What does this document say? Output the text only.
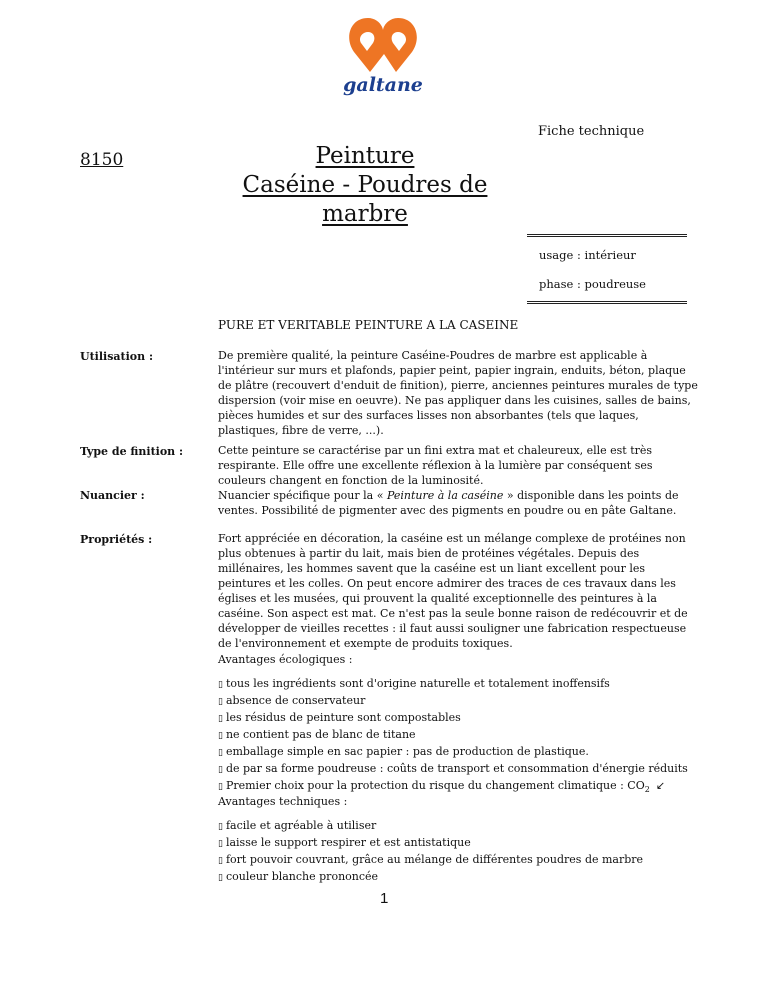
galtane
Fiche technique
8150	Peinture
Caséine - Poudres de marbre
usage : intérieur
phase : poudreuse
PURE ET VERITABLE PEINTURE A LA CASEINE
Utilisation :	De première qualité, la peinture Caséine-Poudres de marbre est applicable à l'intérieur sur murs et plafonds, papier peint, papier ingrain, enduits, béton, plaque de plâtre (recouvert d'enduit de finition), pierre, anciennes peintures murales de type dispersion (voir mise en oeuvre). Ne pas appliquer dans les cuisines, salles de bains, pièces humides et sur des surfaces lisses non absorbantes (tels que laques, plastiques, fibre de verre, ...).
Type de finition :	Cette peinture se caractérise par un fini extra mat et chaleureux, elle est très respirante. Elle offre une excellente réflexion à la lumière par conséquent ses couleurs changent en fonction de la luminosité.
Nuancier :	Nuancier spécifique pour la « Peinture à la caséine » disponible dans les points de ventes. Possibilité de pigmenter avec des pigments en poudre ou en pâte Galtane.
Propriétés :	Fort appréciée en décoration, la caséine est un mélange complexe de protéines non plus obtenues à partir du lait, mais bien de protéines végétales. Depuis des millénaires, les hommes savent que la caséine est un liant excellent pour les peintures et les colles. On peut encore admirer des traces de ces travaux dans les églises et les musées, qui prouvent la qualité exceptionnelle des peintures à la caséine. Son aspect est mat. Ce n'est pas la seule bonne raison de redécouvrir et de développer de vieilles recettes : il faut aussi souligner une fabrication respectueuse de l'environnement et exempte de produits toxiques.
Avantages écologiques :
▯ tous les ingrédients sont d'origine naturelle et totalement inoffensifs
▯ absence de conservateur
▯ les résidus de peinture sont compostables
▯ ne contient pas de blanc de titane
▯ emballage simple en sac papier : pas de production de plastique.
▯ de par sa forme poudreuse : coûts de transport et consommation d'énergie réduits
▯ Premier choix pour la protection du risque du changement climatique : $CO_2$ ↙
Avantages techniques :
▯ facile et agréable à utiliser
▯ laisse le support respirer et est antistatique
▯ fort pouvoir couvrant, grâce au mélange de différentes poudres de marbre
▯ couleur blanche prononcée
1
